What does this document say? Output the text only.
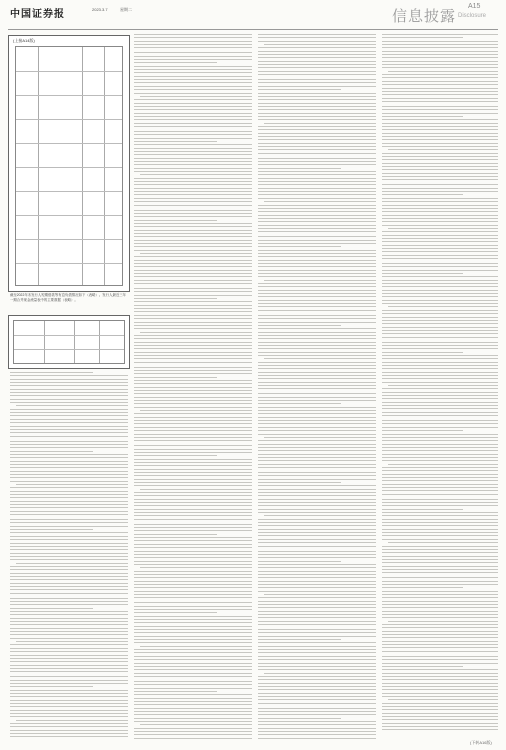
中国证券报	2023.3.7	星期二	信息披露
A15
Disclosure
(上接A14版)
截至2022年末发行人短期借款等有息负债情况如下（表略）。发行人最近三年一期合并现金流量表中的主要数据（表略）。
(下转A16版)
